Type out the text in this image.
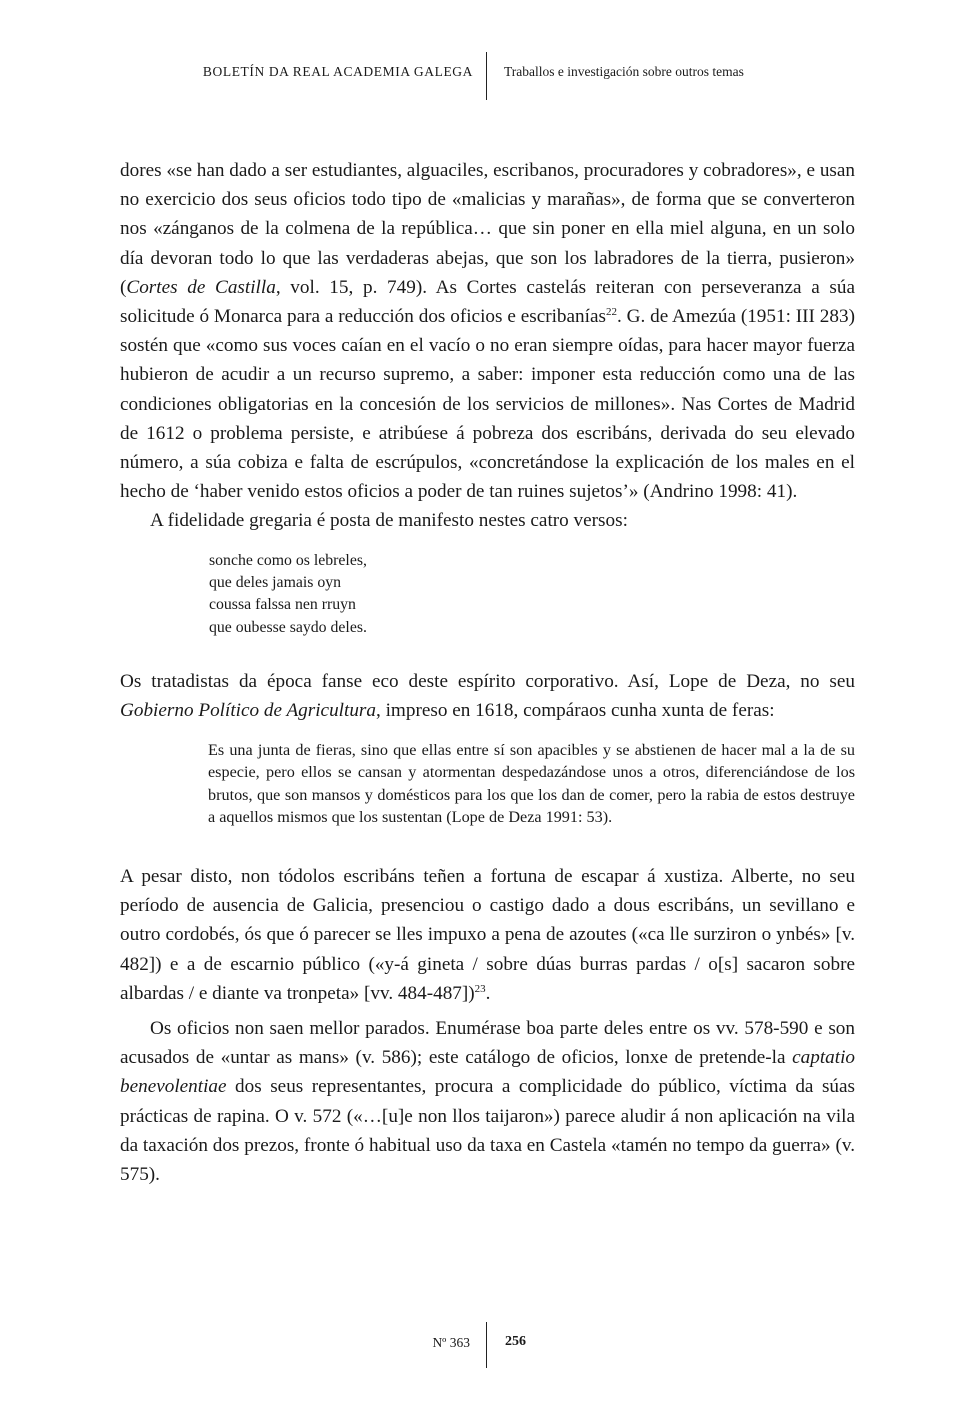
BOLETÍN DA REAL ACADEMIA GALEGA Traballos e investigación sobre outros temas

dores «se han dado a ser estudiantes, alguaciles, escribanos, procuradores y cobradores», e usan no exercicio dos seus oficios todo tipo de «malicias y marañas», de forma que se converteron nos «zánganos de la colmena de la república… que sin poner en ella miel alguna, en un solo día devoran todo lo que las verdaderas abejas, que son los labradores de la tierra, pusieron» (Cortes de Castilla, vol. 15, p. 749). As Cortes castelás reiteran con perseveranza a súa solicitude ó Monarca para a reducción dos oficios e escribanías$^{22}$. G. de Amezúa (1951: III 283) sostén que «como sus voces caían en el vacío o no eran siempre oídas, para hacer mayor fuerza hubieron de acudir a un recurso supremo, a saber: imponer esta reducción como una de las condiciones obligatorias en la concesión de los servicios de millones». Nas Cortes de Madrid de 1612 o problema persiste, e atribúese á pobreza dos escribáns, derivada do seu elevado número, a súa cobiza e falta de escrúpulos, «concretándose la explicación de los males en el hecho de ‘haber venido estos oficios a poder de tan ruines sujetos’» (Andrino 1998: 41).

A fidelidade gregaria é posta de manifesto nestes catro versos:

sonche como os lebreles,
que deles jamais oyn
coussa falssa nen rruyn
que oubesse saydo deles.

Os tratadistas da época fanse eco deste espírito corporativo. Así, Lope de Deza, no seu Gobierno Político de Agricultura, impreso en 1618, compáraos cunha xunta de feras:

Es una junta de fieras, sino que ellas entre sí son apacibles y se abstienen de hacer mal a la de su especie, pero ellos se cansan y atormentan despedazándose unos a otros, diferenciándose de los brutos, que son mansos y domésticos para los que los dan de comer, pero la rabia de estos destruye a aquellos mismos que los sustentan (Lope de Deza 1991: 53).

A pesar disto, non tódolos escribáns teñen a fortuna de escapar á xustiza. Alberte, no seu período de ausencia de Galicia, presenciou o castigo dado a dous escribáns, un sevillano e outro cordobés, ós que ó parecer se lles impuxo a pena de azoutes («ca lle surziron o ynbés» [v. 482]) e a de escarnio público («y-á gineta / sobre dúas burras pardas / o[s] sacaron sobre albardas / e diante va tronpeta» [vv. 484-487])$^{23}$.

Os oficios non saen mellor parados. Enumérase boa parte deles entre os vv. 578-590 e son acusados de «untar as mans» (v. 586); este catálogo de oficios, lonxe de pretende-la captatio benevolentiae dos seus representantes, procura a complicidade do público, víctima da súas prácticas de rapina. O v. 572 («…[u]e non llos taijaron») parece aludir á non aplicación na vila da taxación dos prezos, fronte ó habitual uso da taxa en Castela «tamén no tempo da guerra» (v. 575).

Nº 363	256
